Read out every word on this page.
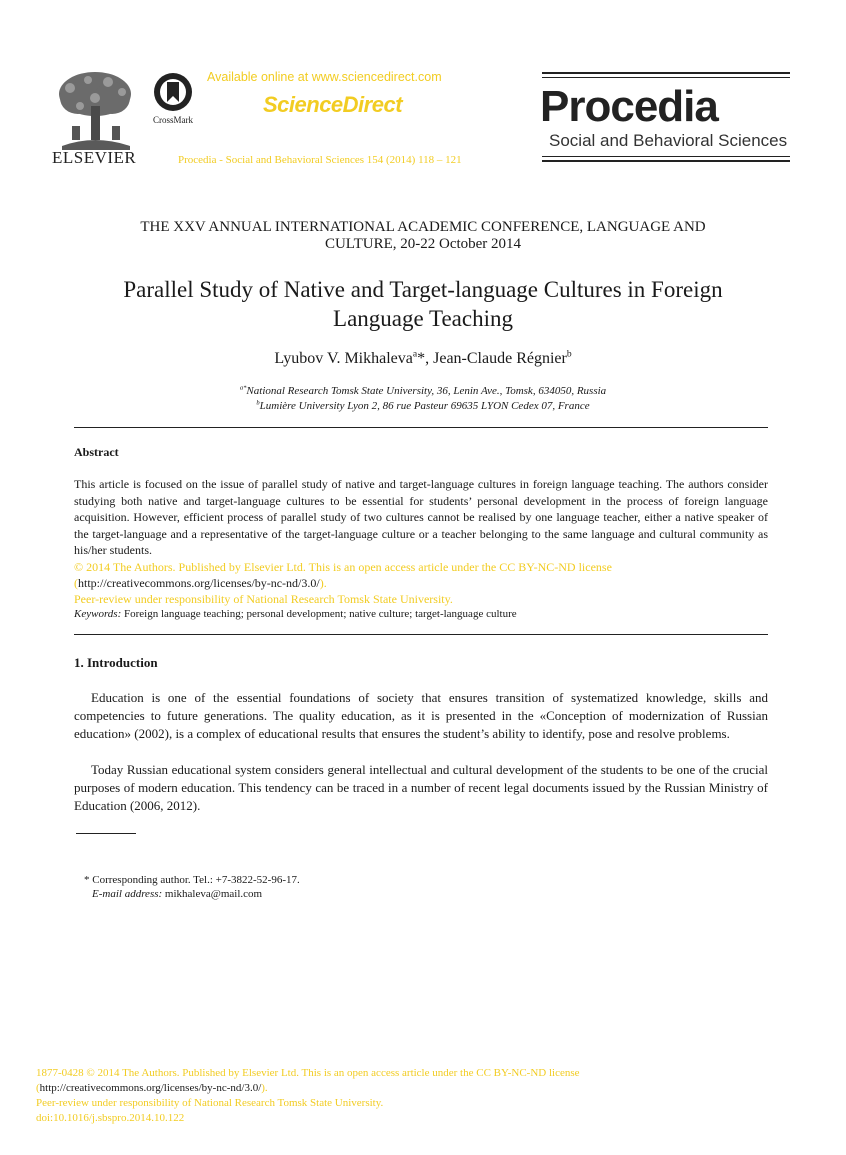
ELSEVIER
CrossMark
Available online at www.sciencedirect.com
ScienceDirect
Procedia - Social and Behavioral Sciences 154 (2014) 118 – 121
Procedia
Social and Behavioral Sciences
THE XXV ANNUAL INTERNATIONAL ACADEMIC CONFERENCE, LANGUAGE AND
CULTURE, 20-22 October 2014
Parallel Study of Native and Target-language Cultures in Foreign
Language Teaching
Lyubov V. Mikhaleva$^a$*, Jean-Claude Régnier$^b$
$^{a*}$National Research Tomsk State University, 36, Lenin Ave., Tomsk, 634050, Russia
$^b$Lumière University Lyon 2, 86 rue Pasteur 69635 LYON Cedex 07, France
Abstract
This article is focused on the issue of parallel study of native and target-language cultures in foreign language teaching. The authors consider studying both native and target-language cultures to be essential for students’ personal development in the process of foreign language acquisition. However, efficient process of parallel study of two cultures cannot be realised by one language teacher, either a native speaker of the target-language and a representative of the target-language culture or a teacher belonging to the same language and cultural community as his/her students.
© 2014 The Authors. Published by Elsevier Ltd. This is an open access article under the CC BY-NC-ND license
(http://creativecommons.org/licenses/by-nc-nd/3.0/).
Peer-review under responsibility of National Research Tomsk State University.
Keywords: Foreign language teaching; personal development; native culture; target-language culture
1. Introduction
Education is one of the essential foundations of society that ensures transition of systematized knowledge, skills and competencies to future generations. The quality education, as it is presented in the «Conception of modernization of Russian education» (2002), is a complex of educational results that ensures the student’s ability to identify, pose and resolve problems.
Today Russian educational system considers general intellectual and cultural development of the students to be one of the crucial purposes of modern education. This tendency can be traced in a number of recent legal documents issued by the Russian Ministry of Education (2006, 2012).
* Corresponding author. Tel.: +7-3822-52-96-17.
E-mail address: mikhaleva@mail.com
1877-0428 © 2014 The Authors. Published by Elsevier Ltd. This is an open access article under the CC BY-NC-ND license
(http://creativecommons.org/licenses/by-nc-nd/3.0/).
Peer-review under responsibility of National Research Tomsk State University.
doi:10.1016/j.sbspro.2014.10.122
